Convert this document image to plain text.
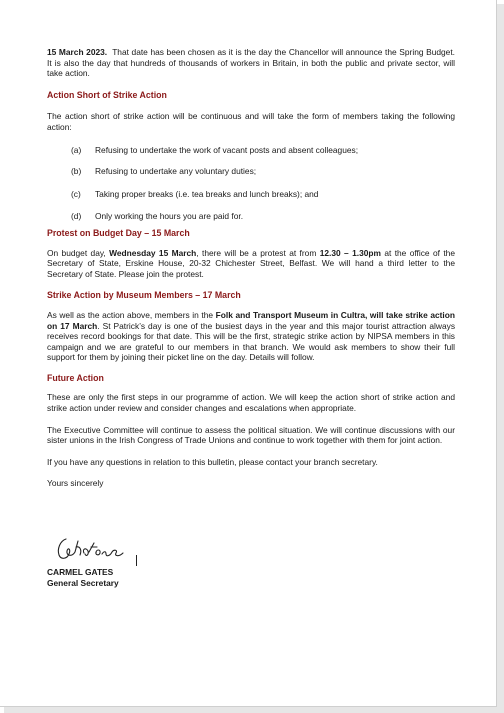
15 March 2023. That date has been chosen as it is the day the Chancellor will announce the Spring Budget. It is also the day that hundreds of thousands of workers in Britain, in both the public and private sector, will take action.

Action Short of Strike Action

The action short of strike action will be continuous and will take the form of members taking the following action:

(a)	Refusing to undertake the work of vacant posts and absent colleagues;
(b)	Refusing to undertake any voluntary duties;
(c)	Taking proper breaks (i.e. tea breaks and lunch breaks); and
(d)	Only working the hours you are paid for.
Protest on Budget Day – 15 March

On budget day, Wednesday 15 March, there will be a protest at from 12.30 – 1.30pm at the office of the Secretary of State, Erskine House, 20-32 Chichester Street, Belfast. We will hand a third letter to the Secretary of State. Please join the protest.

Strike Action by Museum Members – 17 March

As well as the action above, members in the Folk and Transport Museum in Cultra, will take strike action on 17 March. St Patrick’s day is one of the busiest days in the year and this major tourist attraction always receives record bookings for that date. This will be the first, strategic strike action by NIPSA members in this campaign and we are grateful to our members in that branch. We would ask members to show their full support for them by joining their picket line on the day. Details will follow.

Future Action

These are only the first steps in our programme of action. We will keep the action short of strike action and strike action under review and consider changes and escalations when appropriate.

The Executive Committee will continue to assess the political situation. We will continue discussions with our sister unions in the Irish Congress of Trade Unions and continue to work together with them for joint action.

If you have any questions in relation to this bulletin, please contact your branch secretary.

Yours sincerely

CARMEL GATES
General Secretary
